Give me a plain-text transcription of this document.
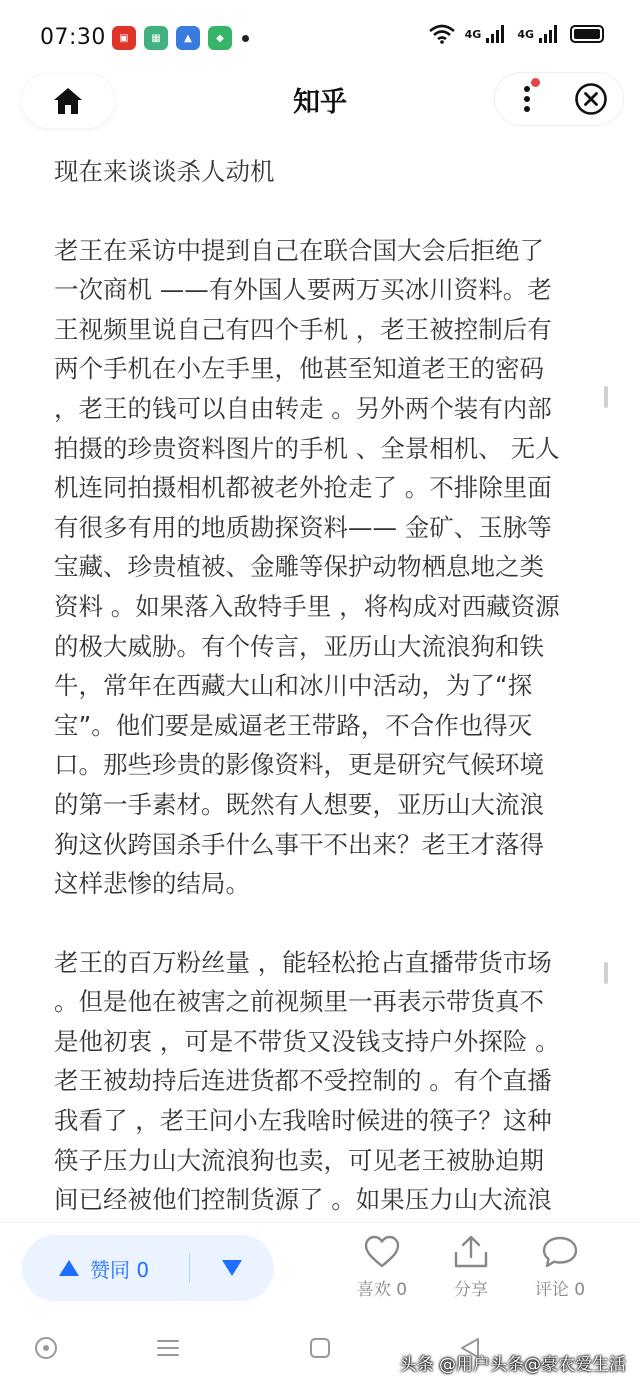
07:30	▣	▦	▲	◆	4G	4G
知乎

现在来谈谈杀人动机

老王在采访中提到自己在联合国大会后拒绝了
一次商机 ——有外国人要两万买冰川资料。老
王视频里说自己有四个手机 ，老王被控制后有
两个手机在小左手里，他甚至知道老王的密码
，老王的钱可以自由转走 。另外两个装有内部
拍摄的珍贵资料图片的手机 、全景相机、 无人
机连同拍摄相机都被老外抢走了 。不排除里面
有很多有用的地质勘探资料—— 金矿、玉脉等
宝藏、珍贵植被、金雕等保护动物栖息地之类
资料 。如果落入敌特手里 ，将构成对西藏资源
的极大威胁。有个传言，亚历山大流浪狗和铁
牛，常年在西藏大山和冰川中活动，为了“探
宝”。他们要是威逼老王带路，不合作也得灭
口。那些珍贵的影像资料，更是研究气候环境
的第一手素材。既然有人想要，亚历山大流浪
狗这伙跨国杀手什么事干不出来？老王才落得
这样悲惨的结局。

老王的百万粉丝量 ，能轻松抢占直播带货市场
。但是他在被害之前视频里一再表示带货真不
是他初衷 ，可是不带货又没钱支持户外探险 。
老王被劫持后连进货都不受控制的 。有个直播
我看了 ，老王问小左我啥时候进的筷子？这种
筷子压力山大流浪狗也卖，可见老王被胁迫期
间已经被他们控制货源了 。如果压力山大流浪

赞同 0
喜欢 0	分享	评论 0
头条 @用户头条@豪农爱生活
